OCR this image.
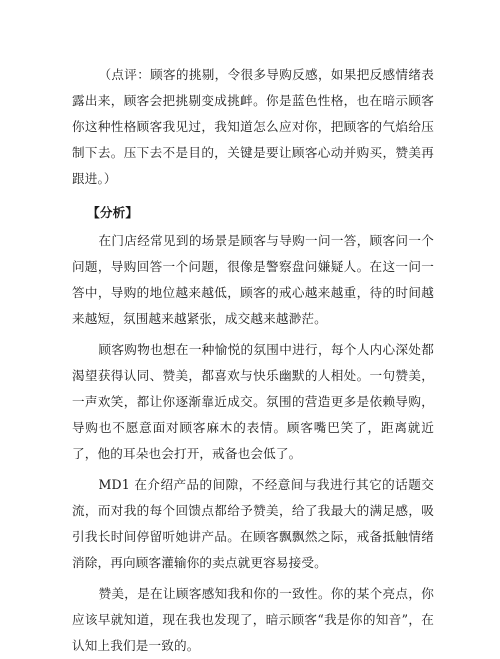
（点评：顾客的挑剔，令很多导购反感，如果把反感情绪表露出来，顾客会把挑剔变成挑衅。你是蓝色性格，也在暗示顾客你这种性格顾客我见过，我知道怎么应对你，把顾客的气焰给压制下去。压下去不是目的，关键是要让顾客心动并购买，赞美再跟进。）

【分析】

在门店经常见到的场景是顾客与导购一问一答，顾客问一个问题，导购回答一个问题，很像是警察盘问嫌疑人。在这一问一答中，导购的地位越来越低，顾客的戒心越来越重，待的时间越来越短，氛围越来越紧张，成交越来越渺茫。

顾客购物也想在一种愉悦的氛围中进行，每个人内心深处都渴望获得认同、赞美，都喜欢与快乐幽默的人相处。一句赞美，一声欢笑，都让你逐渐靠近成交。氛围的营造更多是依赖导购，导购也不愿意面对顾客麻木的表情。顾客嘴巴笑了，距离就近了，他的耳朵也会打开，戒备也会低了。

MD1 在介绍产品的间隙，不经意间与我进行其它的话题交流，而对我的每个回馈点都给予赞美，给了我最大的满足感，吸引我长时间停留听她讲产品。在顾客飘飘然之际，戒备抵触情绪消除，再向顾客灌输你的卖点就更容易接受。

赞美，是在让顾客感知我和你的一致性。你的某个亮点，你应该早就知道，现在我也发现了，暗示顾客“我是你的知音”，在认知上我们是一致的。
